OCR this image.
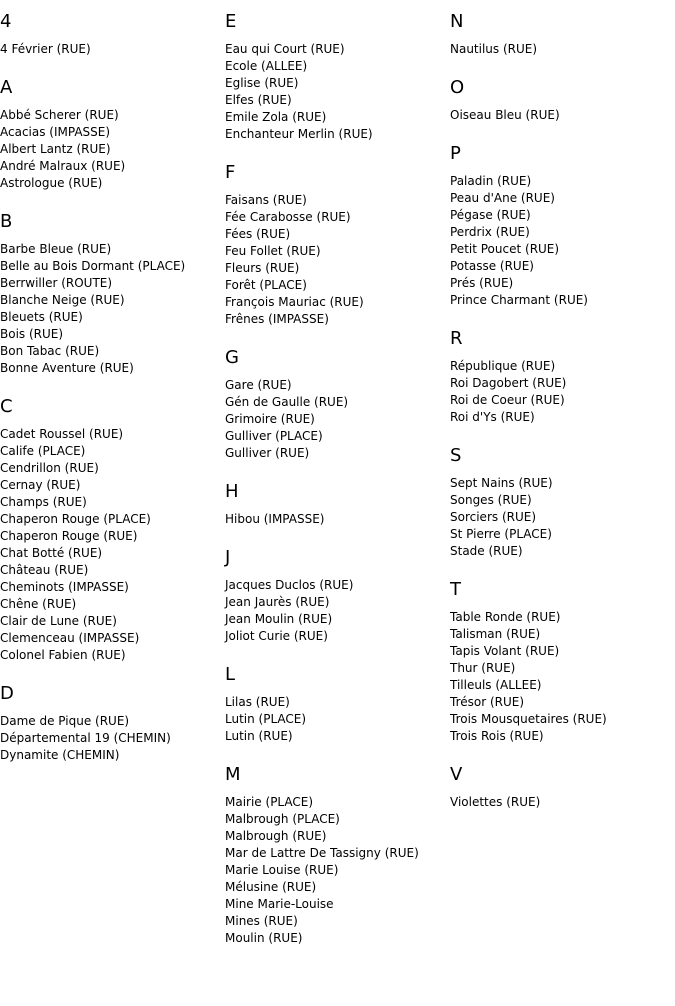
4
4 Février (RUE)
A
Abbé Scherer (RUE)
Acacias (IMPASSE)
Albert Lantz (RUE)
André Malraux (RUE)
Astrologue (RUE)
B
Barbe Bleue (RUE)
Belle au Bois Dormant (PLACE)
Berrwiller (ROUTE)
Blanche Neige (RUE)
Bleuets (RUE)
Bois (RUE)
Bon Tabac (RUE)
Bonne Aventure (RUE)
C
Cadet Roussel (RUE)
Calife (PLACE)
Cendrillon (RUE)
Cernay (RUE)
Champs (RUE)
Chaperon Rouge (PLACE)
Chaperon Rouge (RUE)
Chat Botté (RUE)
Château (RUE)
Cheminots (IMPASSE)
Chêne (RUE)
Clair de Lune (RUE)
Clemenceau (IMPASSE)
Colonel Fabien (RUE)
D
Dame de Pique (RUE)
Départemental 19 (CHEMIN)
Dynamite (CHEMIN)
E
Eau qui Court (RUE)
Ecole (ALLEE)
Eglise (RUE)
Elfes (RUE)
Emile Zola (RUE)
Enchanteur Merlin (RUE)
F
Faisans (RUE)
Fée Carabosse (RUE)
Fées (RUE)
Feu Follet (RUE)
Fleurs (RUE)
Forêt (PLACE)
François Mauriac (RUE)
Frênes (IMPASSE)
G
Gare (RUE)
Gén de Gaulle (RUE)
Grimoire (RUE)
Gulliver (PLACE)
Gulliver (RUE)
H
Hibou (IMPASSE)
J
Jacques Duclos (RUE)
Jean Jaurès (RUE)
Jean Moulin (RUE)
Joliot Curie (RUE)
L
Lilas (RUE)
Lutin (PLACE)
Lutin (RUE)
M
Mairie (PLACE)
Malbrough (PLACE)
Malbrough (RUE)
Mar de Lattre De Tassigny (RUE)
Marie Louise (RUE)
Mélusine (RUE)
Mine Marie-Louise
Mines (RUE)
Moulin (RUE)
N
Nautilus (RUE)
O
Oiseau Bleu (RUE)
P
Paladin (RUE)
Peau d'Ane (RUE)
Pégase (RUE)
Perdrix (RUE)
Petit Poucet (RUE)
Potasse (RUE)
Prés (RUE)
Prince Charmant (RUE)
R
République (RUE)
Roi Dagobert (RUE)
Roi de Coeur (RUE)
Roi d'Ys (RUE)
S
Sept Nains (RUE)
Songes (RUE)
Sorciers (RUE)
St Pierre (PLACE)
Stade (RUE)
T
Table Ronde (RUE)
Talisman (RUE)
Tapis Volant (RUE)
Thur (RUE)
Tilleuls (ALLEE)
Trésor (RUE)
Trois Mousquetaires (RUE)
Trois Rois (RUE)
V
Violettes (RUE)
